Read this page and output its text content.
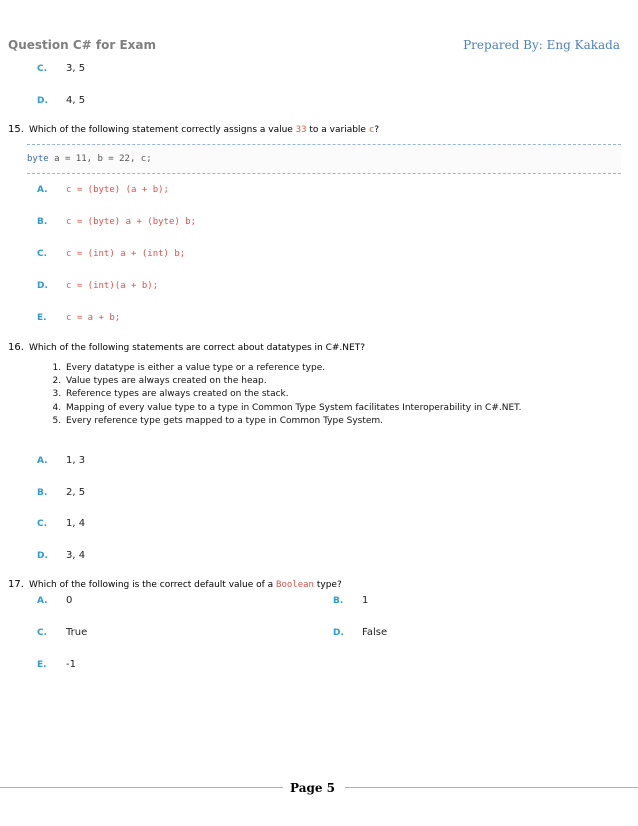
Question C# for Exam	Prepared By: Eng Kakada
C. 3, 5
D. 4, 5
15. Which of the following statement correctly assigns a value 33 to a variable c?
byte a = 11, b = 22, c;
A. c = (byte) (a + b);
B. c = (byte) a + (byte) b;
C. c = (int) a + (int) b;
D. c = (int)(a + b);
E. c = a + b;
16. Which of the following statements are correct about datatypes in C#.NET?
1. Every datatype is either a value type or a reference type.
2. Value types are always created on the heap.
3. Reference types are always created on the stack.
4. Mapping of every value type to a type in Common Type System facilitates Interoperability in C#.NET.
5. Every reference type gets mapped to a type in Common Type System.
A. 1, 3
B. 2, 5
C. 1, 4
D. 3, 4
17. Which of the following is the correct default value of a Boolean type?
A. 0	B. 1
C. True	D. False
E. -1
Page 5
